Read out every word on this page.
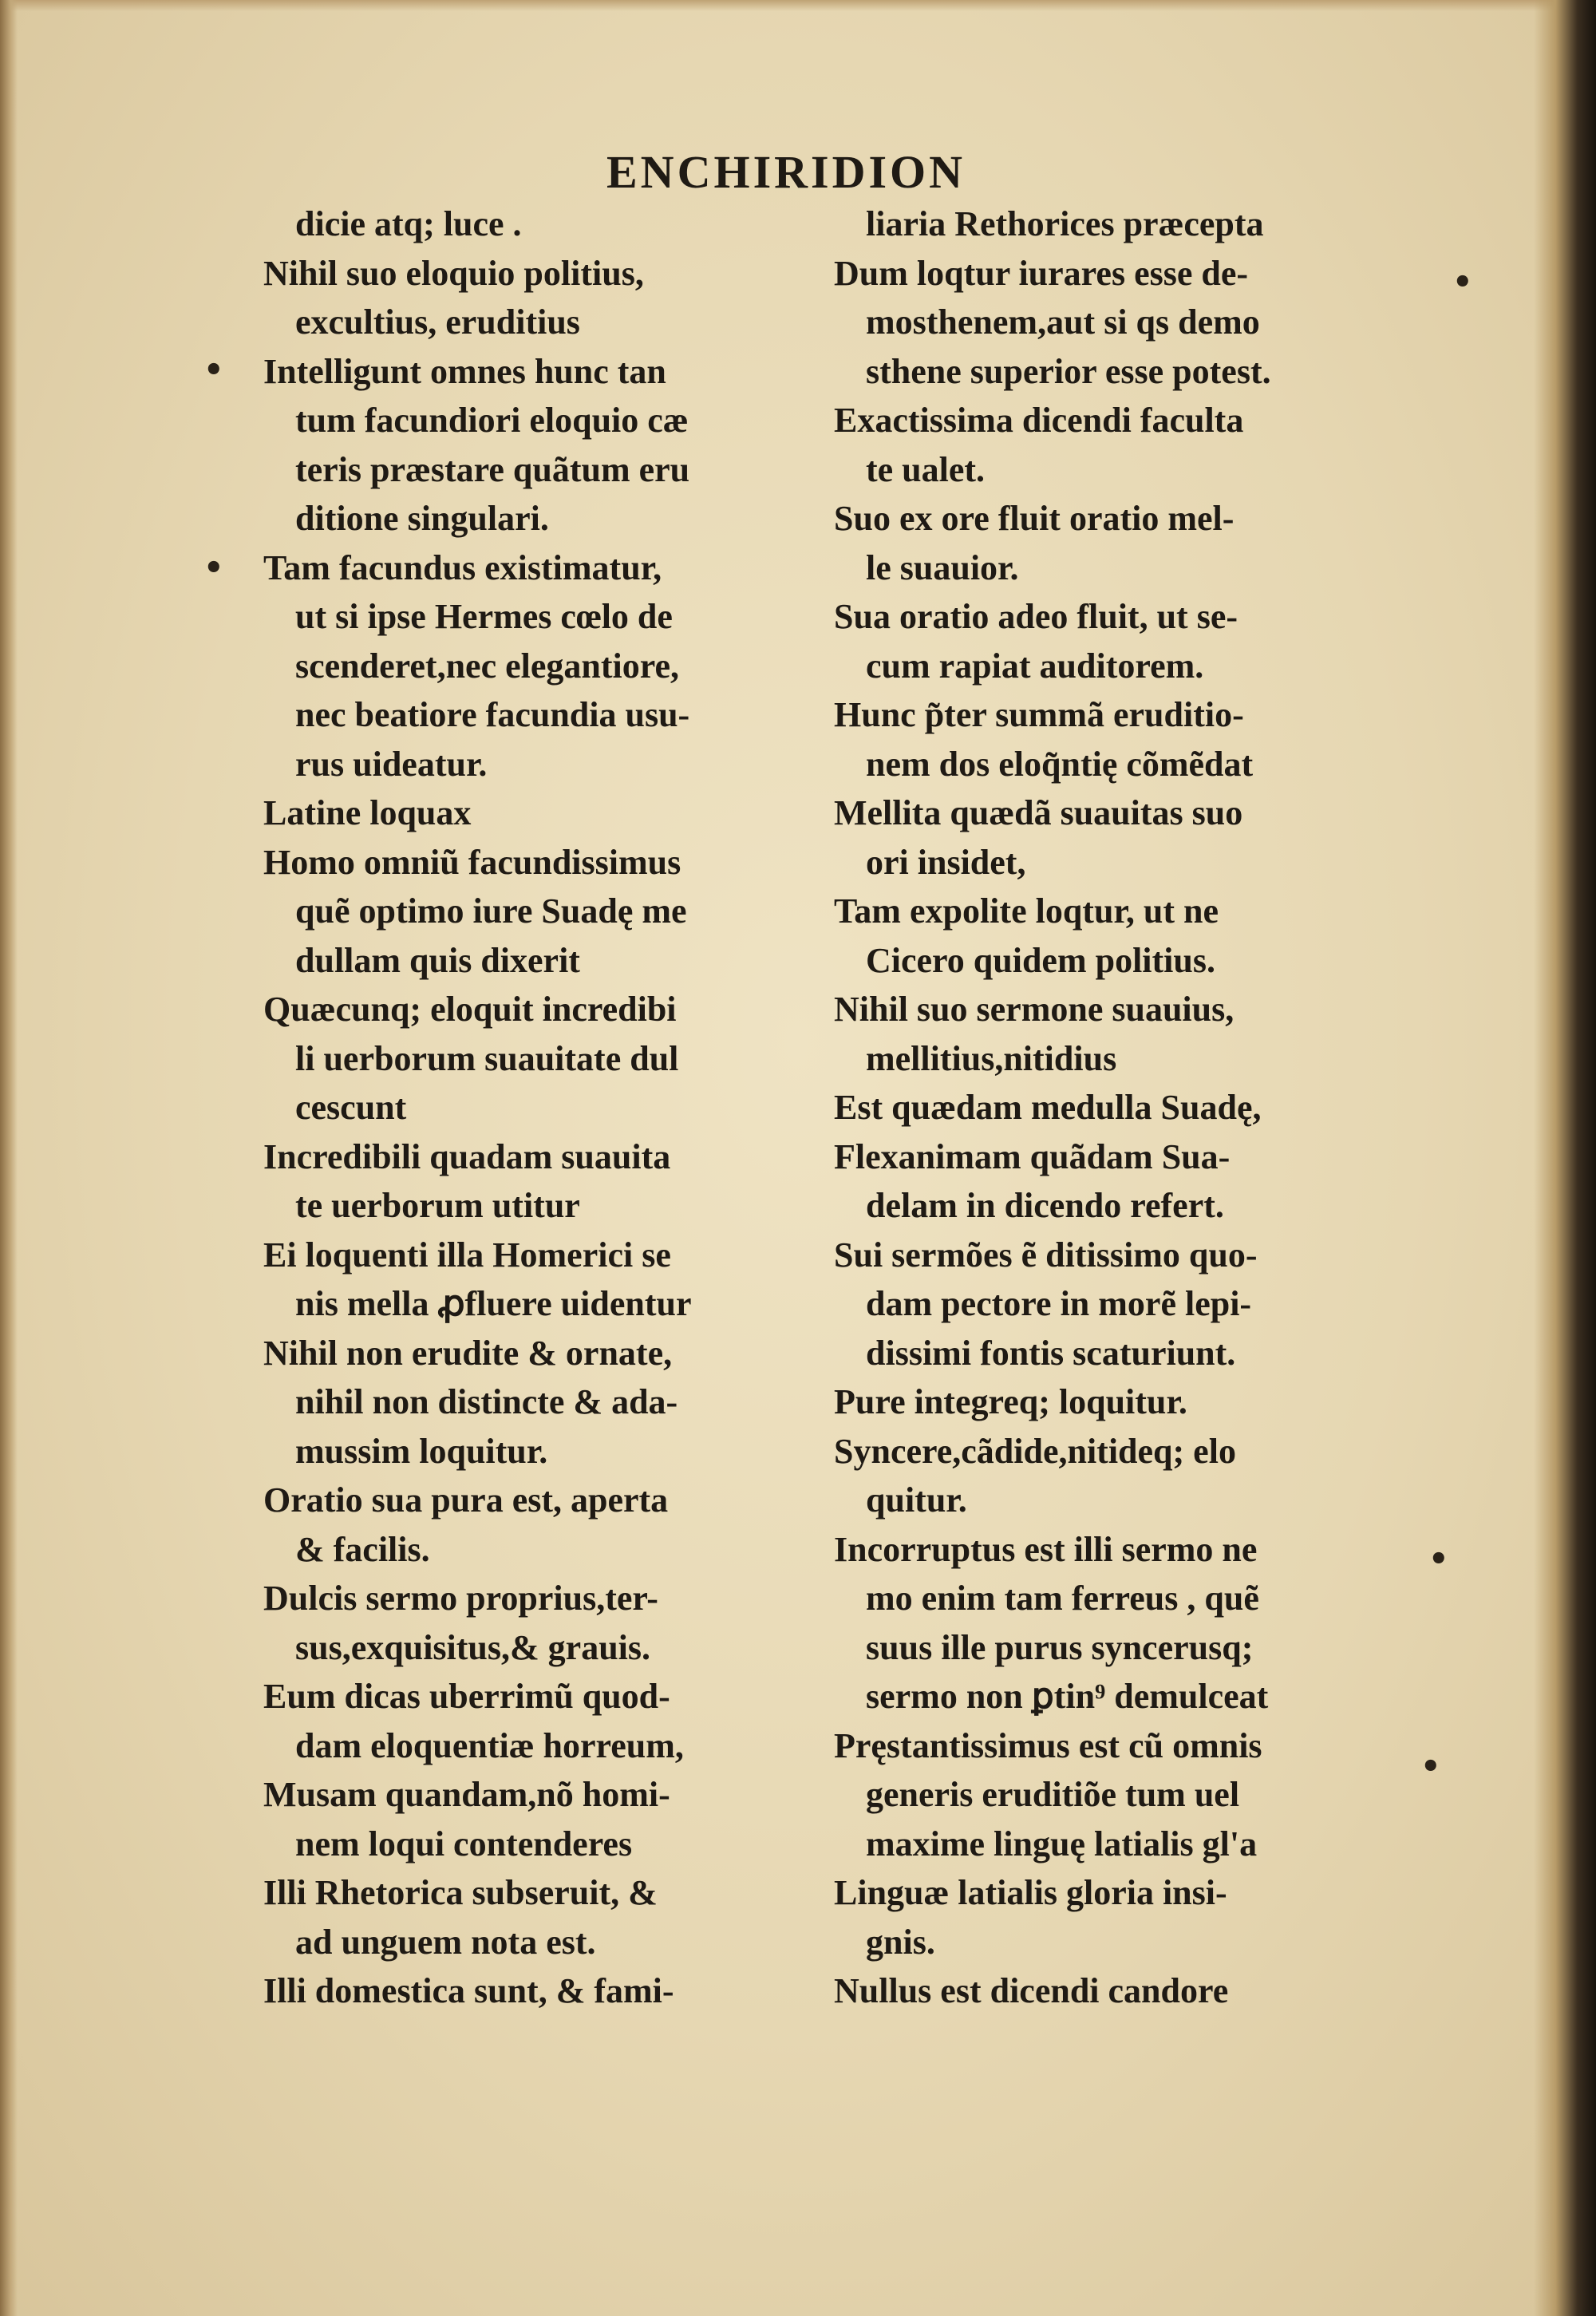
ENCHIRIDION
dicie atq; luce .
Nihil suo eloquio politius,
excultius, eruditius
Intelligunt omnes hunc tan
tum facundiori eloquio cæ
teris præstare quãtum eru
ditione singulari.
Tam facundus existimatur,
ut si ipse Hermes cœlo de
scenderet,nec elegantiore,
nec beatiore facundia usu-
rus uideatur.
Latine loquax
Homo omniũ facundissimus
quẽ optimo iure Suadę me
dullam quis dixerit
Quæcunq; eloquit incredibi
li uerborum suauitate dul
cescunt
Incredibili quadam suauita
te uerborum utitur
Ei loquenti illa Homerici se
nis mella ꝓfluere uidentur
Nihil non erudite & ornate,
nihil non distincte & ada-
mussim loquitur.
Oratio sua pura est, aperta
& facilis.
Dulcis sermo proprius,ter-
sus,exquisitus,& grauis.
Eum dicas uberrimũ quod-
dam eloquentiæ horreum,
Musam quandam,nõ homi-
nem loqui contenderes
Illi Rhetorica subseruit, &
ad unguem nota est.
Illi domestica sunt, & fami-
liaria Rethorices præcepta
Dum loqtur iurares esse de-
mosthenem,aut si qs demo
sthene superior esse potest.
Exactissima dicendi faculta
te ualet.
Suo ex ore fluit oratio mel-
le suauior.
Sua oratio adeo fluit, ut se-
cum rapiat auditorem.
Hunc p̃ter summã eruditio-
nem dos eloq̃ntię cõmẽdat
Mellita quædã suauitas suo
ori insidet,
Tam expolite loqtur, ut ne
Cicero quidem politius.
Nihil suo sermone suauius,
mellitius,nitidius
Est quædam medulla Suadę,
Flexanimam quãdam Sua-
delam in dicendo refert.
Sui sermões ẽ ditissimo quo-
dam pectore in morẽ lepi-
dissimi fontis scaturiunt.
Pure integreq; loquitur.
Syncere,cãdide,nitideq; elo
quitur.
Incorruptus est illi sermo ne
mo enim tam ferreus , quẽ
suus ille purus syncerusq;
sermo non ꝑtin⁹ demulceat
Pręstantissimus est cũ omnis
generis eruditiõe tum uel
maxime linguę latialis gl'a
Linguæ latialis gloria insi-
gnis.
Nullus est dicendi candore
•
•
•
•
•
